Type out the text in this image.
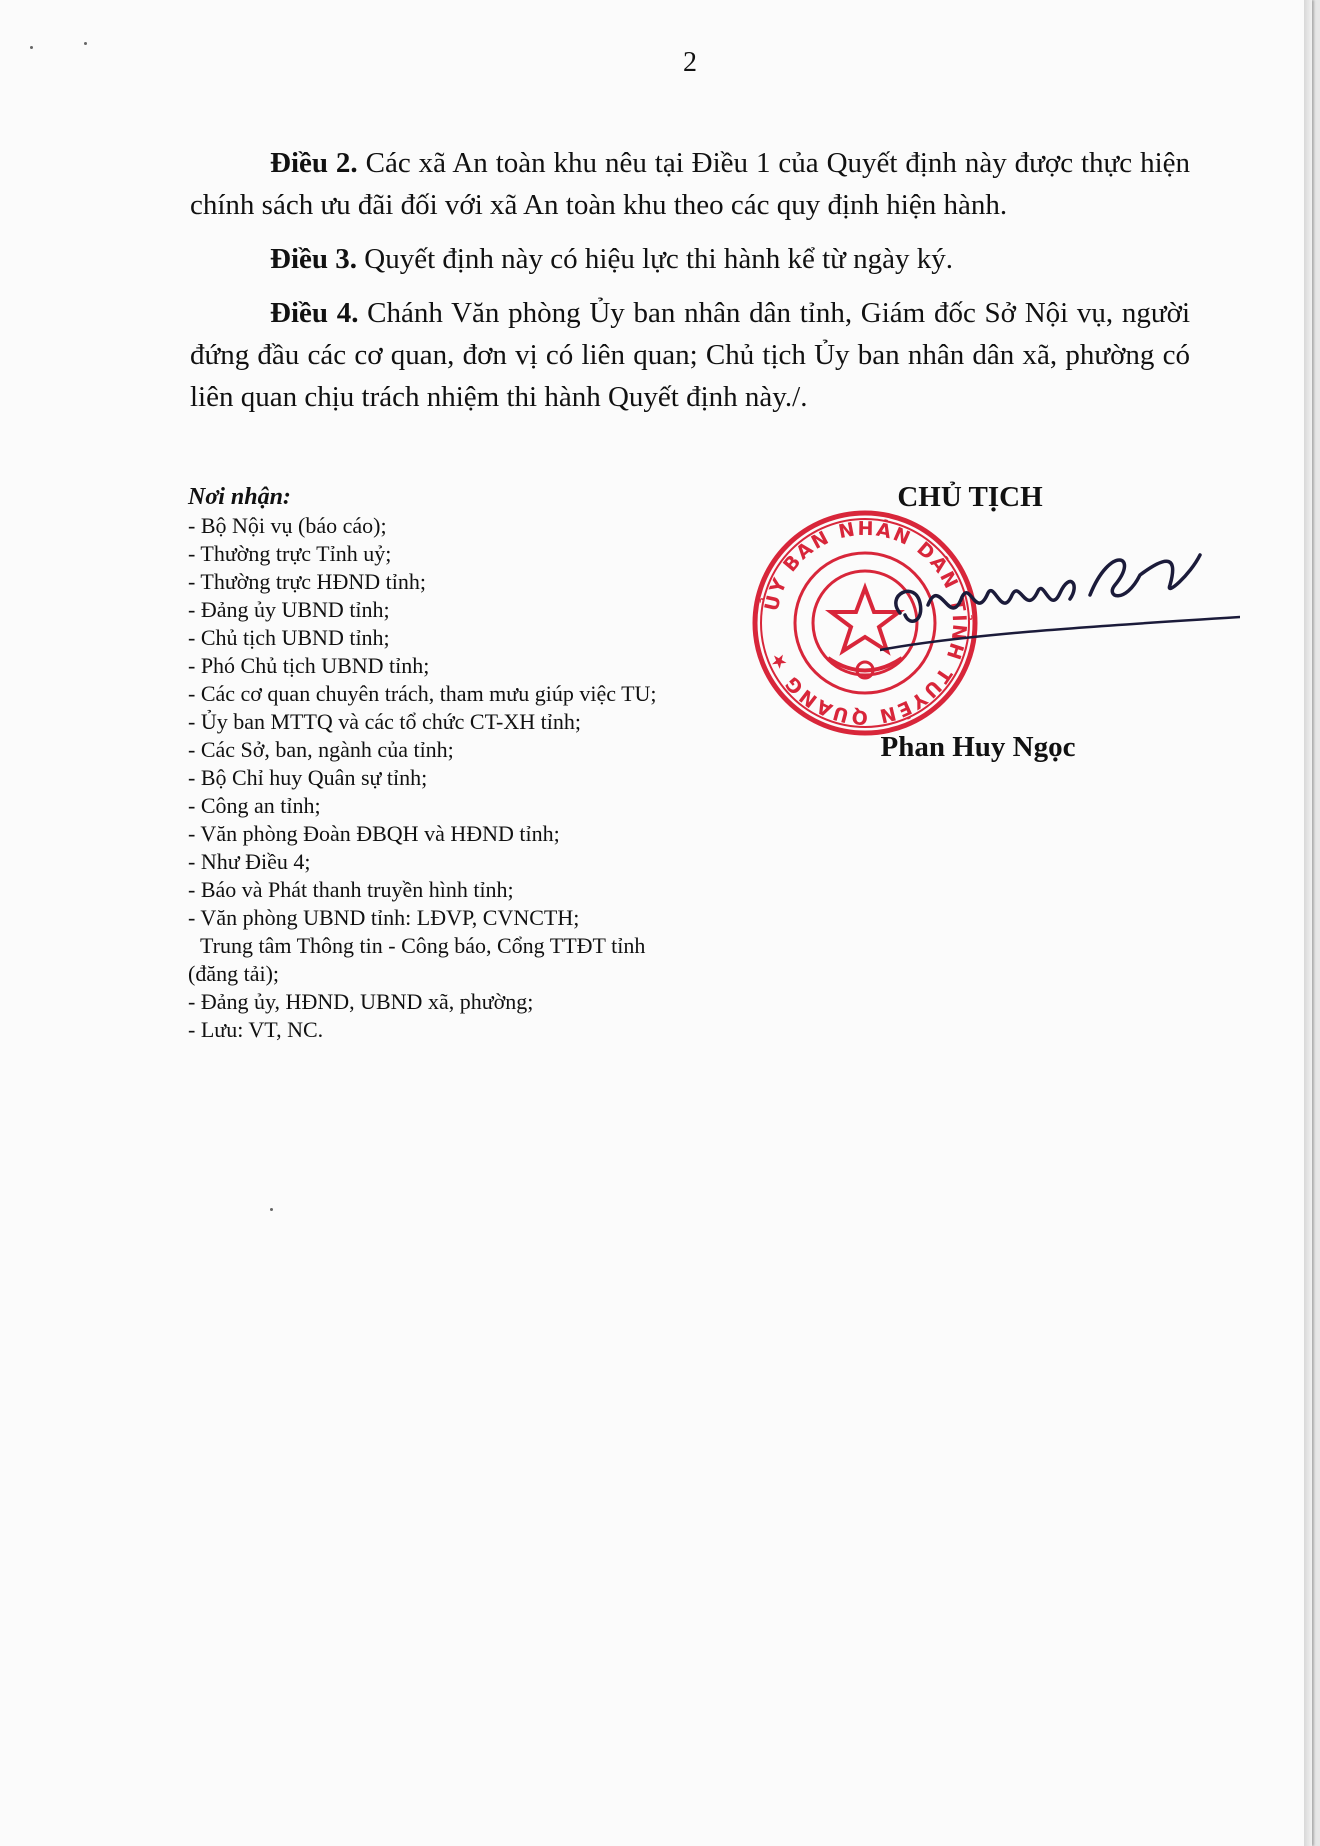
2

Điều 2. Các xã An toàn khu nêu tại Điều 1 của Quyết định này được thực hiện chính sách ưu đãi đối với xã An toàn khu theo các quy định hiện hành.

Điều 3. Quyết định này có hiệu lực thi hành kể từ ngày ký.

Điều 4. Chánh Văn phòng Ủy ban nhân dân tỉnh, Giám đốc Sở Nội vụ, người đứng đầu các cơ quan, đơn vị có liên quan; Chủ tịch Ủy ban nhân dân xã, phường có liên quan chịu trách nhiệm thi hành Quyết định này./.

Nơi nhận:
- Bộ Nội vụ (báo cáo);
- Thường trực Tỉnh uỷ;
- Thường trực HĐND tỉnh;
- Đảng ủy UBND tỉnh;
- Chủ tịch UBND tỉnh;
- Phó Chủ tịch UBND tỉnh;
- Các cơ quan chuyên trách, tham mưu giúp việc TU;
- Ủy ban MTTQ và các tổ chức CT-XH tỉnh;
- Các Sở, ban, ngành của tỉnh;
- Bộ Chỉ huy Quân sự tỉnh;
- Công an tỉnh;
- Văn phòng Đoàn ĐBQH và HĐND tỉnh;
- Như Điều 4;
- Báo và Phát thanh truyền hình tỉnh;
- Văn phòng UBND tỉnh: LĐVP, CVNCTH;
Trung tâm Thông tin - Công báo, Cổng TTĐT tỉnh
(đăng tải);
- Đảng ủy, HĐND, UBND xã, phường;
- Lưu: VT, NC.
CHỦ TỊCH
ỦY BAN NHÂN DÂN TỈNH TUYÊN QUANG ★
Phan Huy Ngọc
